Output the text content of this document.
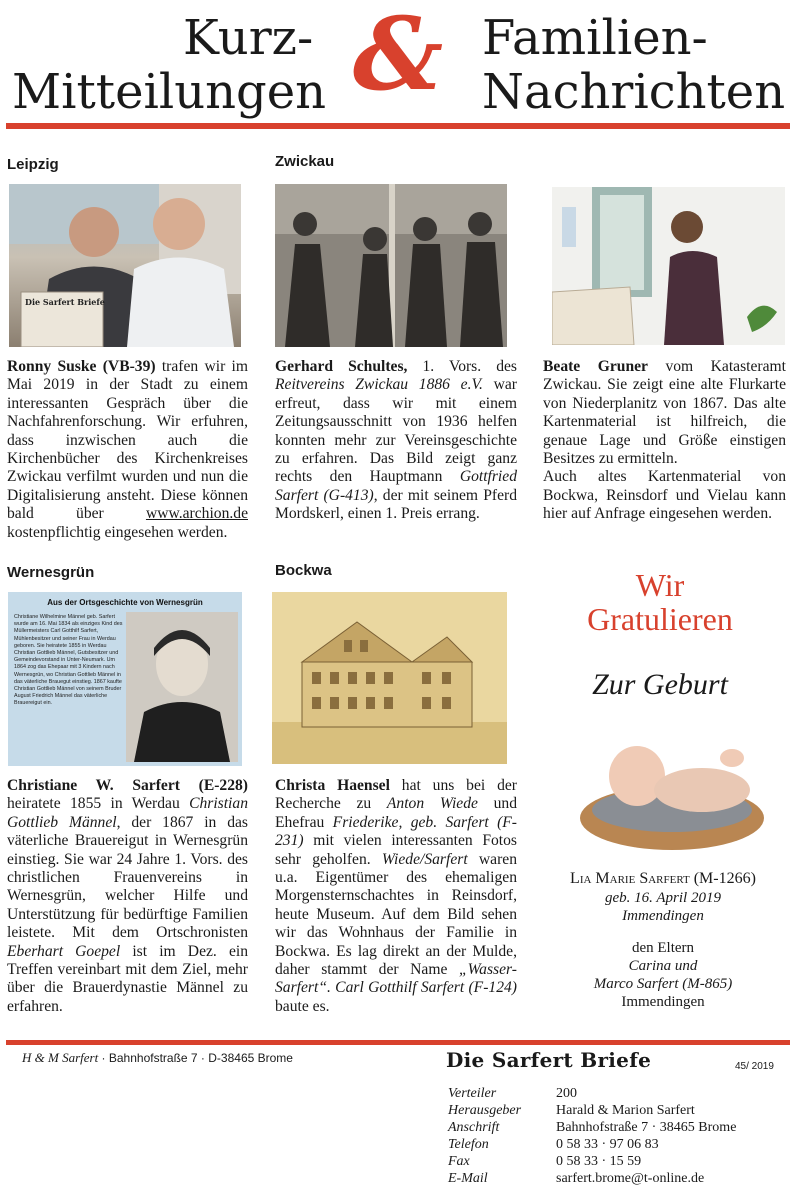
Kurz-
Mitteilungen & Familien-
Nachrichten
Leipzig
Die Sarfert Briefe
Ronny Suske (VB-39) trafen wir im Mai 2019 in der Stadt zu einem interessanten Gespräch über die Nachfahrenforschung. Wir erfuhren, dass inzwischen auch die Kirchenbücher des Kirchenkreises Zwickau verfilmt wurden und nun die Digitalisierung ansteht. Diese können bald über www.archion.de kostenpflichtig eingesehen werden.
Zwickau
Gerhard Schultes, 1. Vors. des Reitvereins Zwickau 1886 e.V. war erfreut, dass wir mit einem Zeitungsausschnitt von 1936 helfen konnten mehr zur Vereinsgeschichte zu erfahren. Das Bild zeigt ganz rechts den Hauptmann Gottfried Sarfert (G-413), der mit seinem Pferd Mordskerl, einen 1. Preis errang.
Beate Gruner vom Katasteramt Zwickau. Sie zeigt eine alte Flurkarte von Niederplanitz von 1867. Das alte Kartenmaterial ist hilfreich, die genaue Lage und Größe einstigen Besitzes zu ermitteln.
Auch altes Kartenmaterial von Bockwa, Reinsdorf und Vielau kann hier auf Anfrage eingesehen werden.
Wernesgrün
Aus der Ortsgeschichte von Wernesgrün
Christiane Wilhelmine Männel geb. Sarfert wurde am 16. Mai 1834 als einziges Kind des Müllermeisters Carl Gotthilf Sarfert, Mühlenbesitzer und seiner Frau in Werdau geboren. Sie heiratete 1855 in Werdau Christian Gottlieb Männel, Gutsbesitzer und Gemeindevorstand in Unter-Neumark. Um 1864 zog das Ehepaar mit 3 Kindern nach Wernesgrün, wo Christian Gottlieb Männel in das väterliche Brauegut einstieg. 1867 kaufte Christian Gottlieb Männel von seinem Bruder August Friedrich Männel das väterliche Brauereigut ein.
Christiane W. Sarfert (E-228) heiratete 1855 in Werdau Christian Gottlieb Männel, der 1867 in das väterliche Brauereigut in Wernesgrün einstieg. Sie war 24 Jahre 1. Vors. des christlichen Frauenvereins in Wernesgrün, welcher Hilfe und Unterstützung für bedürftige Familien leistete. Mit dem Ortschronisten Eberhart Goepel ist im Dez. ein Treffen vereinbart mit dem Ziel, mehr über die Brauerdynastie Männel zu erfahren.
Bockwa
Christa Haensel hat uns bei der Recherche zu Anton Wiede und Ehefrau Friederike, geb. Sarfert (F-231) mit vielen interessanten Fotos sehr geholfen. Wiede/Sarfert waren u.a. Eigentümer des ehemaligen Morgensternschachtes in Reinsdorf, heute Museum. Auf dem Bild sehen wir das Wohnhaus der Familie in Bockwa. Es lag direkt an der Mulde, daher stammt der Name „Wasser-Sarfert“. Carl Gotthilf Sarfert (F-124) baute es.
Wir
Gratulieren
Zur Geburt
Lia Marie Sarfert (M-1266)
geb. 16. April 2019
Immendingen
den Eltern
Carina und
Marco Sarfert (M-865)
Immendingen
H & M Sarfert · Bahnhofstraße 7 · D-38465 Brome	Die Sarfert Briefe	45/ 2019
Verteiler	200
Herausgeber Harald & Marion Sarfert
Anschrift	Bahnhofstraße 7 · 38465 Brome
Telefon	0 58 33 · 97 06 83
Fax	0 58 33 · 15 59
E-Mail	sarfert.brome@t-online.de
